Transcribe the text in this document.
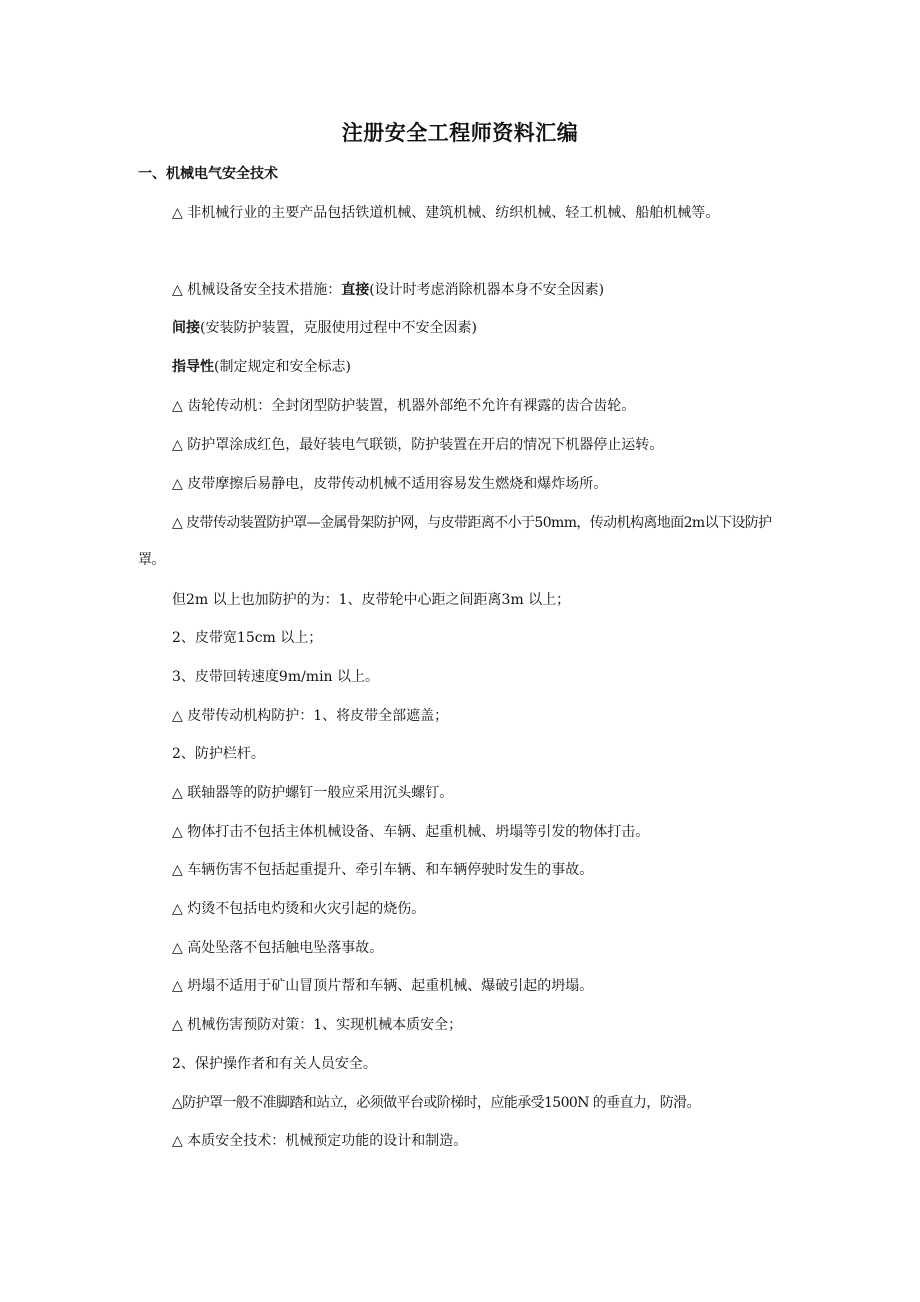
注册安全工程师资料汇编
一、机械电气安全技术

△ 非机械行业的主要产品包括铁道机械、建筑机械、纺织机械、轻工机械、船舶机械等。

△ 机械设备安全技术措施：直接(设计时考虑消除机器本身不安全因素)

间接(安装防护装置，克服使用过程中不安全因素)

指导性(制定规定和安全标志)

△ 齿轮传动机：全封闭型防护装置，机器外部绝不允许有裸露的齿合齿轮。

△ 防护罩涂成红色，最好装电气联锁，防护装置在开启的情况下机器停止运转。

△ 皮带摩擦后易静电，皮带传动机械不适用容易发生燃烧和爆炸场所。

△ 皮带传动装置防护罩—金属骨架防护网，与皮带距离不小于50mm，传动机构离地面2m以下设防护罩。

但2m 以上也加防护的为：1、皮带轮中心距之间距离3m 以上；

2、皮带宽15cm 以上；

3、皮带回转速度9m/min 以上。

△ 皮带传动机构防护：1、将皮带全部遮盖；

2、防护栏杆。

△ 联轴器等的防护螺钉一般应采用沉头螺钉。

△ 物体打击不包括主体机械设备、车辆、起重机械、坍塌等引发的物体打击。

△ 车辆伤害不包括起重提升、牵引车辆、和车辆停驶时发生的事故。

△ 灼烫不包括电灼烫和火灾引起的烧伤。

△ 高处坠落不包括触电坠落事故。

△ 坍塌不适用于矿山冒顶片帮和车辆、起重机械、爆破引起的坍塌。

△ 机械伤害预防对策：1、实现机械本质安全；

2、保护操作者和有关人员安全。

△防护罩一般不准脚踏和站立，必须做平台或阶梯时，应能承受1500N 的垂直力，防滑。

△ 本质安全技术：机械预定功能的设计和制造。
